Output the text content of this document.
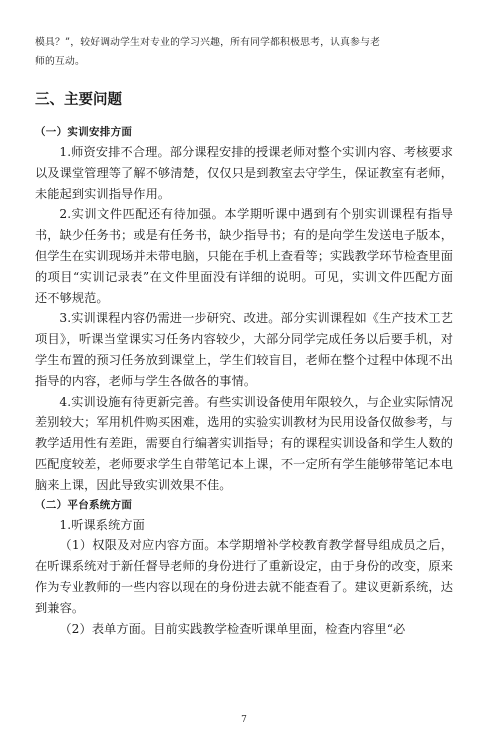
模具？”，较好调动学生对专业的学习兴趣，所有同学都积极思考，认真参与老

师的互动。

三、主要问题
（一）实训安排方面

1.师资安排不合理。部分课程安排的授课老师对整个实训内容、考核要求以及课堂管理等了解不够清楚，仅仅只是到教室去守学生，保证教室有老师，未能起到实训指导作用。

2.实训文件匹配还有待加强。本学期听课中遇到有个别实训课程有指导书，缺少任务书；或是有任务书，缺少指导书；有的是向学生发送电子版本，但学生在实训现场并未带电脑，只能在手机上查看等；实践教学环节检查里面的项目“实训记录表”在文件里面没有详细的说明。可见，实训文件匹配方面还不够规范。

3.实训课程内容仍需进一步研究、改进。部分实训课程如《生产技术工艺项目》，听课当堂课实习任务内容较少，大部分同学完成任务以后要手机，对学生布置的预习任务放到课堂上，学生们较盲目，老师在整个过程中体现不出指导的内容，老师与学生各做各的事情。

4.实训设施有待更新完善。有些实训设备使用年限较久，与企业实际情况差别较大；军用机件购买困难，选用的实验实训教材为民用设备仅做参考，与教学适用性有差距，需要自行编著实训指导；有的课程实训设备和学生人数的匹配度较差，老师要求学生自带笔记本上课，不一定所有学生能够带笔记本电脑来上课，因此导致实训效果不佳。

（二）平台系统方面

1.听课系统方面

（1）权限及对应内容方面。本学期增补学校教育教学督导组成员之后，在听课系统对于新任督导老师的身份进行了重新设定，由于身份的改变，原来作为专业教师的一些内容以现在的身份进去就不能查看了。建议更新系统，达到兼容。

（2）表单方面。目前实践教学检查听课单里面，检查内容里“必

7
